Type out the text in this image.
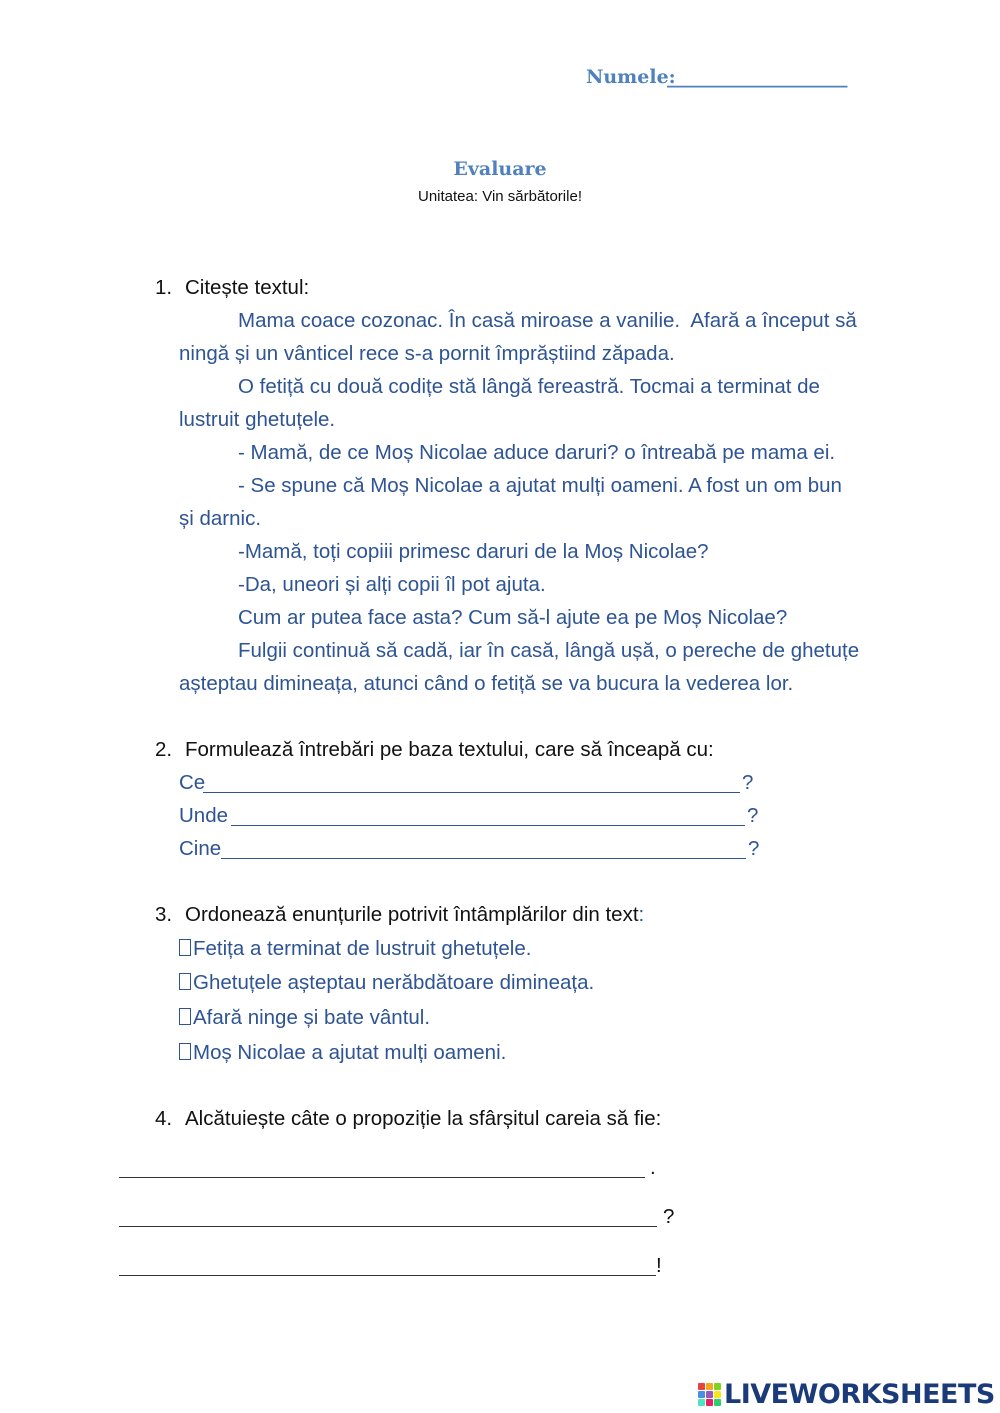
Numele:
___________________
Evaluare
Unitatea: Vin sărbătorile!
1. Citește textul:
Mama coace cozonac. În casă miroase a vanilie.  Afară a început să
ningă și un vânticel rece s-a pornit împrăștiind zăpada.
O fetiță cu două codițe stă lângă fereastră. Tocmai a terminat de
lustruit ghetuțele.
- Mamă, de ce Moș Nicolae aduce daruri? o întreabă pe mama ei.
- Se spune că Moș Nicolae a ajutat mulți oameni. A fost un om bun
și darnic.
-Mamă, toți copiii primesc daruri de la Moș Nicolae?
-Da, uneori și alți copii îl pot ajuta.
Cum ar putea face asta? Cum să-l ajute ea pe Moș Nicolae?
Fulgii continuă să cadă, iar în casă, lângă ușă, o pereche de ghetuțe
așteptau dimineața, atunci când o fetiță se va bucura la vederea lor.
2. Formulează întrebări pe baza textului, care să înceapă cu:
Ce	?
Unde	?
Cine	?
3. Ordonează enunțurile potrivit întâmplărilor din text:
Fetița a terminat de lustruit ghetuțele.
Ghetuțele așteptau nerăbdătoare dimineața.
Afară ninge și bate vântul.
Moș Nicolae a ajutat mulți oameni.
4. Alcătuiește câte o propoziție la sfârșitul careia să fie:
.
?
!
LIVEWORKSHEETS
